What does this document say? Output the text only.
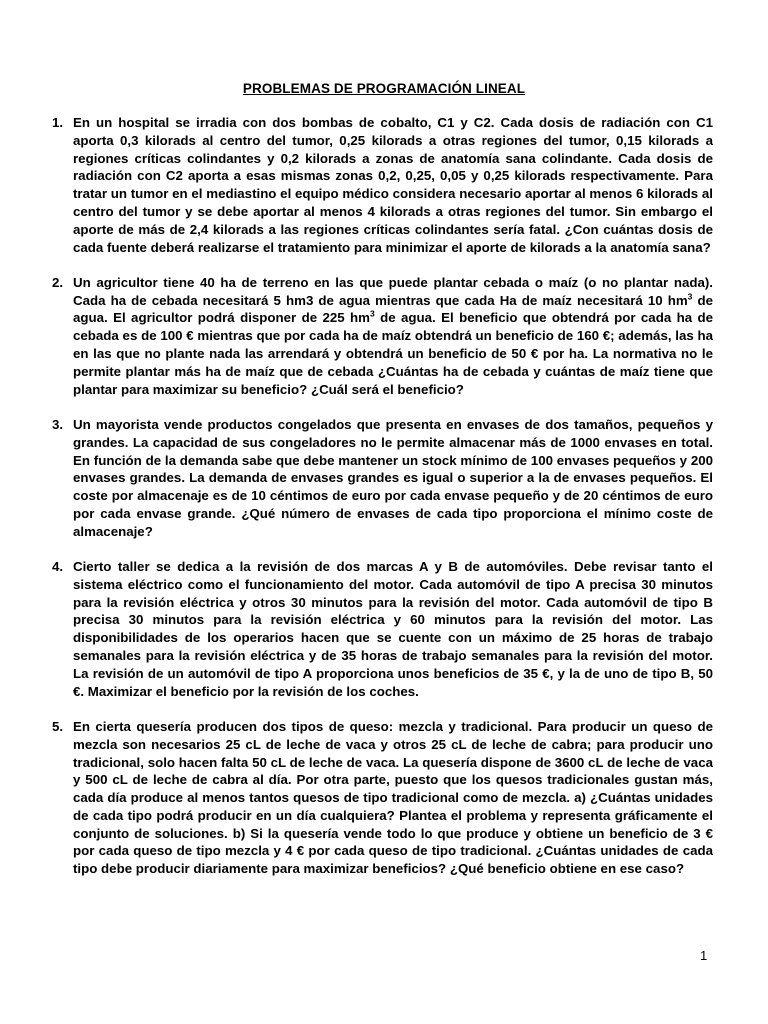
PROBLEMAS DE PROGRAMACIÓN LINEAL
1. En un hospital se irradia con dos bombas de cobalto, C1 y C2. Cada dosis de radiación con C1 aporta 0,3 kilorads al centro del tumor, 0,25 kilorads a otras regiones del tumor, 0,15 kilorads a regiones críticas colindantes y 0,2 kilorads a zonas de anatomía sana colindante. Cada dosis de radiación con C2 aporta a esas mismas zonas 0,2, 0,25, 0,05 y 0,25 kilorads respectivamente. Para tratar un tumor en el mediastino el equipo médico considera necesario aportar al menos 6 kilorads al centro del tumor y se debe aportar al menos 4 kilorads a otras regiones del tumor. Sin embargo el aporte de más de 2,4 kilorads a las regiones críticas colindantes sería fatal. ¿Con cuántas dosis de cada fuente deberá realizarse el tratamiento para minimizar el aporte de kilorads a la anatomía sana?
2. Un agricultor tiene 40 ha de terreno en las que puede plantar cebada o maíz (o no plantar nada). Cada ha de cebada necesitará 5 hm3 de agua mientras que cada Ha de maíz necesitará 10 $hm^3$ de agua. El agricultor podrá disponer de 225 $hm^3$ de agua. El beneficio que obtendrá por cada ha de cebada es de 100 € mientras que por cada ha de maíz obtendrá un beneficio de 160 €; además, las ha en las que no plante nada las arrendará y obtendrá un beneficio de 50 € por ha. La normativa no le permite plantar más ha de maíz que de cebada ¿Cuántas ha de cebada y cuántas de maíz tiene que plantar para maximizar su beneficio? ¿Cuál será el beneficio?
3. Un mayorista vende productos congelados que presenta en envases de dos tamaños, pequeños y grandes. La capacidad de sus congeladores no le permite almacenar más de 1000 envases en total. En función de la demanda sabe que debe mantener un stock mínimo de 100 envases pequeños y 200 envases grandes. La demanda de envases grandes es igual o superior a la de envases pequeños. El coste por almacenaje es de 10 céntimos de euro por cada envase pequeño y de 20 céntimos de euro por cada envase grande. ¿Qué número de envases de cada tipo proporciona el mínimo coste de almacenaje?
4. Cierto taller se dedica a la revisión de dos marcas A y B de automóviles. Debe revisar tanto el sistema eléctrico como el funcionamiento del motor. Cada automóvil de tipo A precisa 30 minutos para la revisión eléctrica y otros 30 minutos para la revisión del motor. Cada automóvil de tipo B precisa 30 minutos para la revisión eléctrica y 60 minutos para la revisión del motor. Las disponibilidades de los operarios hacen que se cuente con un máximo de 25 horas de trabajo semanales para la revisión eléctrica y de 35 horas de trabajo semanales para la revisión del motor. La revisión de un automóvil de tipo A proporciona unos beneficios de 35 €, y la de uno de tipo B, 50 €. Maximizar el beneficio por la revisión de los coches.
5. En cierta quesería producen dos tipos de queso: mezcla y tradicional. Para producir un queso de mezcla son necesarios 25 cL de leche de vaca y otros 25 cL de leche de cabra; para producir uno tradicional, solo hacen falta 50 cL de leche de vaca. La quesería dispone de 3600 cL de leche de vaca y 500 cL de leche de cabra al día. Por otra parte, puesto que los quesos tradicionales gustan más, cada día produce al menos tantos quesos de tipo tradicional como de mezcla. a) ¿Cuántas unidades de cada tipo podrá producir en un día cualquiera? Plantea el problema y representa gráficamente el conjunto de soluciones. b) Si la quesería vende todo lo que produce y obtiene un beneficio de 3 € por cada queso de tipo mezcla y 4 € por cada queso de tipo tradicional. ¿Cuántas unidades de cada tipo debe producir diariamente para maximizar beneficios? ¿Qué beneficio obtiene en ese caso?
1
